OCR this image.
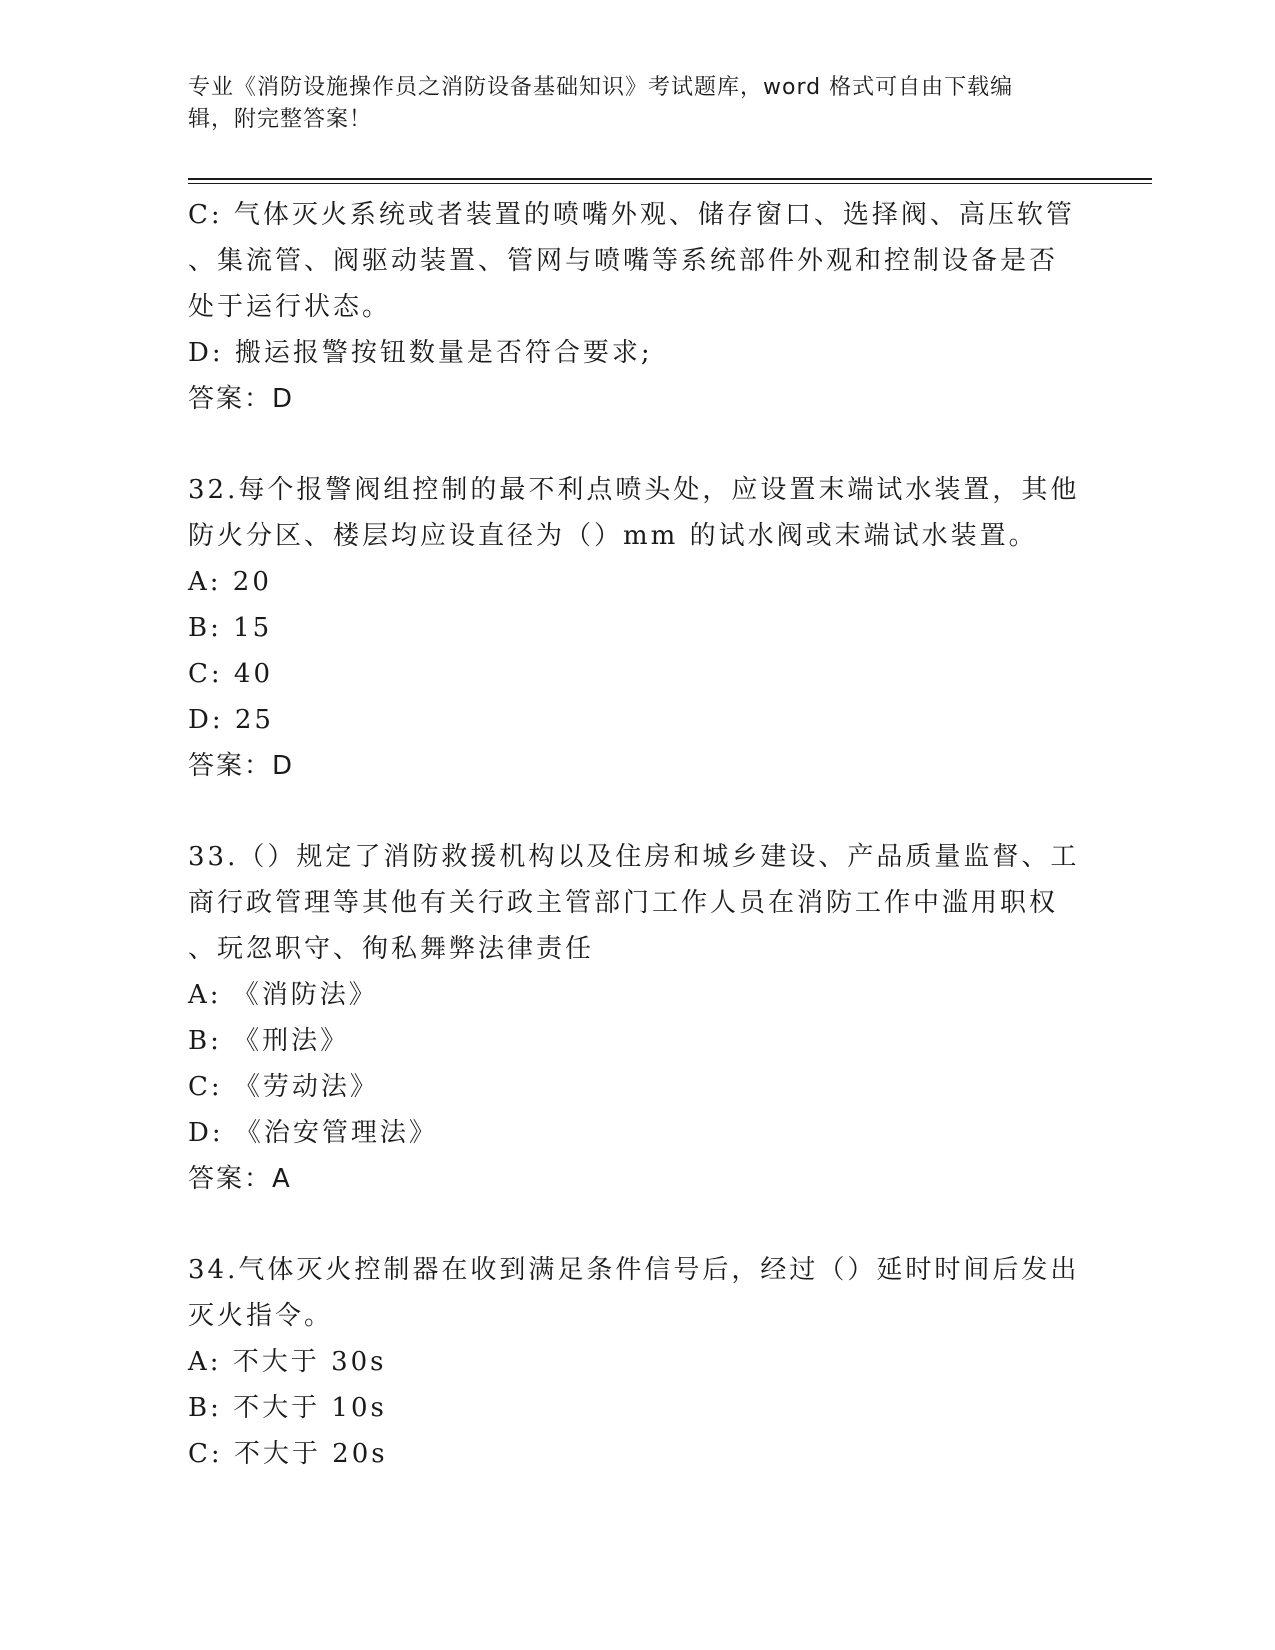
专业《消防设施操作员之消防设备基础知识》考试题库，word 格式可自由下载编
辑，附完整答案！
C: 气体灭火系统或者装置的喷嘴外观、储存窗口、选择阀、高压软管
、集流管、阀驱动装置、管网与喷嘴等系统部件外观和控制设备是否
处于运行状态。
D: 搬运报警按钮数量是否符合要求;
答案：D
32.每个报警阀组控制的最不利点喷头处，应设置末端试水装置，其他
防火分区、楼层均应设直径为（）mm 的试水阀或末端试水装置。
A: 20
B: 15
C: 40
D: 25
答案：D
33.（）规定了消防救援机构以及住房和城乡建设、产品质量监督、工
商行政管理等其他有关行政主管部门工作人员在消防工作中滥用职权
、玩忽职守、徇私舞弊法律责任
A: 《消防法》
B: 《刑法》
C: 《劳动法》
D: 《治安管理法》
答案：A
34.气体灭火控制器在收到满足条件信号后，经过（）延时时间后发出
灭火指令。
A: 不大于 30s
B: 不大于 10s
C: 不大于 20s
